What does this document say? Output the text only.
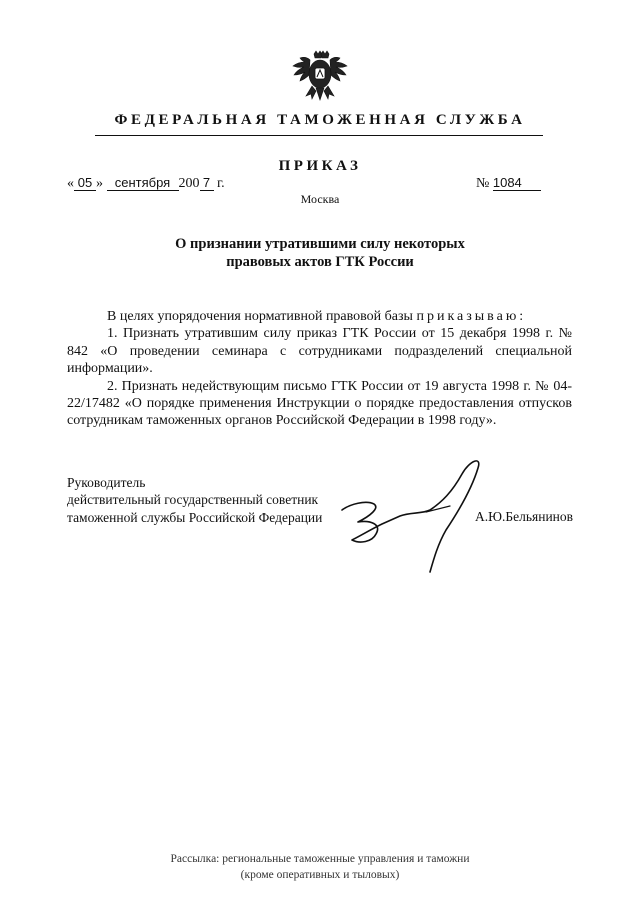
ФЕДЕРАЛЬНАЯ ТАМОЖЕННАЯ СЛУЖБА
ПРИКАЗ
« 05 » сентября 200 7 г.	№ 1084
Москва
О признании утратившими силу некоторых
правовых актов ГТК России

В целях упорядочения нормативной правовой базы приказываю:

1. Признать утратившим силу приказ ГТК России от 15 декабря 1998 г. № 842 «О проведении семинара с сотрудниками подразделений специальной информации».

2. Признать недействующим письмо ГТК России от 19 августа 1998 г. № 04-22/17482 «О порядке применения Инструкции о порядке предоставления отпусков сотрудникам таможенных органов Российской Федерации в 1998 году».

Руководитель
действительный государственный советник
таможенной службы Российской Федерации	А.Ю.Бельянинов
Рассылка: региональные таможенные управления и таможни
(кроме оперативных и тыловых)
